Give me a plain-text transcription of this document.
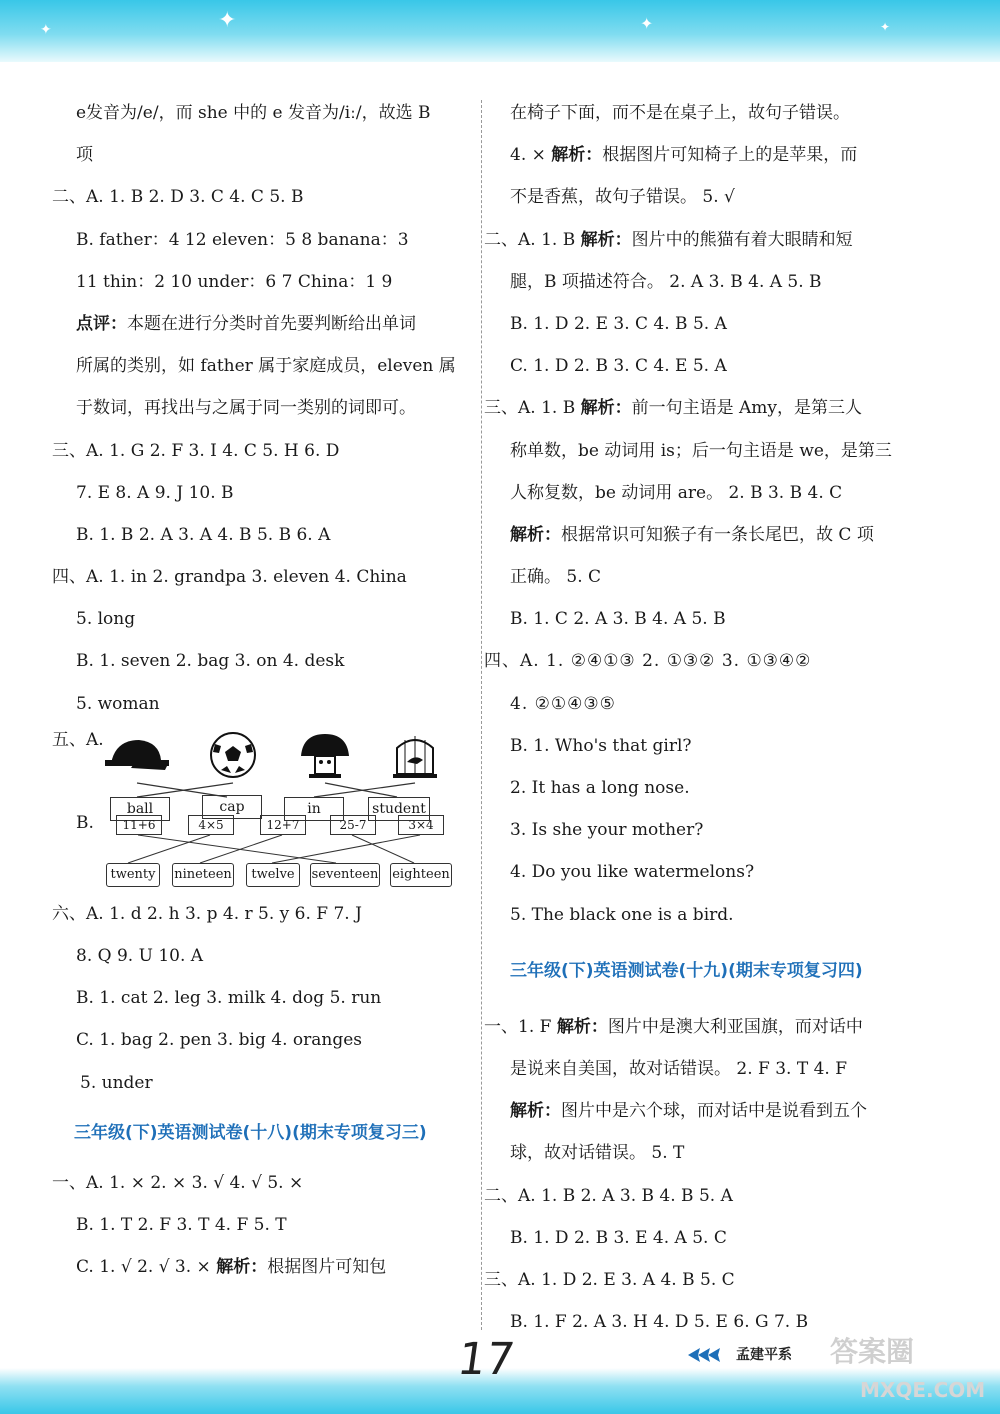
✦
✦	✦	✦
e发音为/e/，而 she 中的 e 发音为/iː/，故选 B
项
二、A. 1. B 2. D 3. C 4. C 5. B
B. father：4 12 eleven：5 8 banana：3
11 thin：2 10 under：6 7 China：1 9
点评：本题在进行分类时首先要判断给出单词
所属的类别，如 father 属于家庭成员，eleven 属
于数词，再找出与之属于同一类别的词即可。
三、A. 1. G 2. F 3. I 4. C 5. H 6. D
7. E 8. A 9. J 10. B
B. 1. B 2. A 3. A 4. B 5. B 6. A
四、A. 1. in 2. grandpa 3. eleven 4. China
5. long
B. 1. seven 2. bag 3. on 4. desk
5. woman
五、A.
ball	cap	in	student
B.	11+6	4×5	12+7	25-7	3×4
twenty	nineteen	twelve	seventeen eighteen
六、A. 1. d 2. h 3. p 4. r 5. y 6. F 7. J
8. Q 9. U 10. A
B. 1. cat 2. leg 3. milk 4. dog 5. run
C. 1. bag 2. pen 3. big 4. oranges
5. under
三年级(下)英语测试卷(十八)(期末专项复习三)
一、A. 1. × 2. × 3. √ 4. √ 5. ×
B. 1. T 2. F 3. T 4. F 5. T
C. 1. √ 2. √ 3. × 解析：根据图片可知包
在椅子下面，而不是在桌子上，故句子错误。
4. × 解析：根据图片可知椅子上的是苹果，而
不是香蕉，故句子错误。 5. √
二、A. 1. B 解析：图片中的熊猫有着大眼睛和短
腿，B 项描述符合。 2. A 3. B 4. A 5. B
B. 1. D 2. E 3. C 4. B 5. A
C. 1. D 2. B 3. C 4. E 5. A
三、A. 1. B 解析：前一句主语是 Amy，是第三人
称单数，be 动词用 is；后一句主语是 we，是第三
人称复数，be 动词用 are。 2. B 3. B 4. C
解析：根据常识可知猴子有一条长尾巴，故 C 项
正确。 5. C
B. 1. C 2. A 3. B 4. A 5. B
四、A. 1. ②④①③ 2. ①③② 3. ①③④②
4. ②①④③⑤
B. 1. Who's that girl?
2. It has a long nose.
3. Is she your mother?
4. Do you like watermelons?
5. The black one is a bird.
三年级(下)英语测试卷(十九)(期末专项复习四)
一、1. F 解析：图片中是澳大利亚国旗，而对话中
是说来自美国，故对话错误。 2. F 3. T 4. F
解析：图片中是六个球，而对话中是说看到五个
球，故对话错误。 5. T
二、A. 1. B 2. A 3. B 4. B 5. A
B. 1. D 2. B 3. E 4. A 5. C
三、A. 1. D 2. E 3. A 4. B 5. C
B. 1. F 2. A 3. H 4. D 5. E 6. G 7. B
17	孟建平系 答案圈
MXQE.COM
